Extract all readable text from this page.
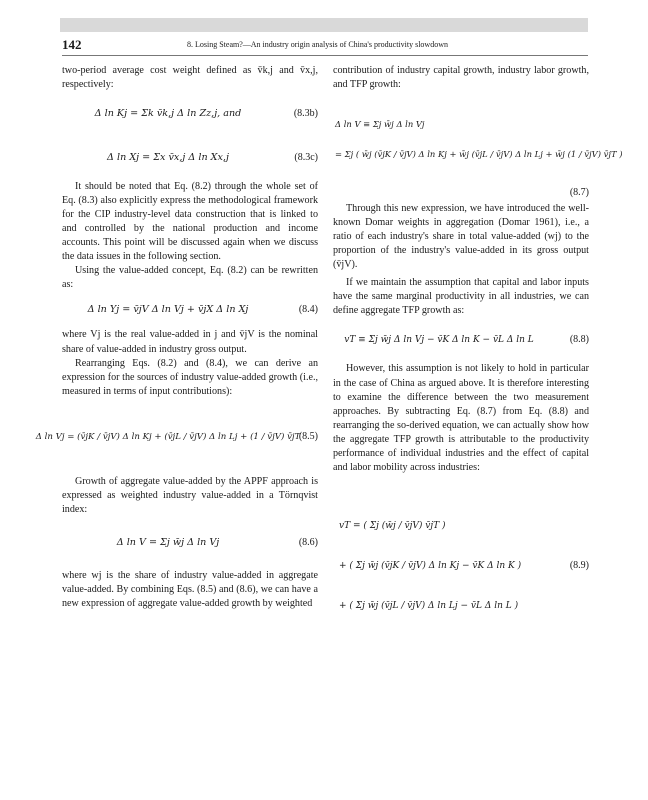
142	8. Losing Steam?—An industry origin analysis of China's productivity slowdown

two-period average cost weight defined as v̄k,j and v̄x,j, respectively:

Δ ln Kj = Σk v̄k,j Δ ln Zz,j, and	(8.3b)
Δ ln Xj = Σx v̄x,j Δ ln Xx,j	(8.3c)

It should be noted that Eq. (8.2) through the whole set of Eq. (8.3) also explicitly express the methodological framework for the CIP industry-level data construction that is linked to and controlled by the national production and income accounts. This point will be discussed again when we discuss the data issues in the following section.

Using the value-added concept, Eq. (8.2) can be rewritten as:

Δ ln Yj = v̄jV Δ ln Vj + v̄jX Δ ln Xj	(8.4)

where Vj is the real value-added in j and v̄jV is the nominal share of value-added in industry gross output.

Rearranging Eqs. (8.2) and (8.4), we can derive an expression for the sources of industry value-added growth (i.e., measured in terms of input contributions):

Δ ln Vj = (v̄jK / v̄jV) Δ ln Kj + (v̄jL / v̄jV) Δ ln Lj + (1 / v̄jV) v̄jT
(8.5)

Growth of aggregate value-added by the APPF approach is expressed as weighted industry value-added in a Törnqvist index:

Δ ln V = Σj w̄j Δ ln Vj	(8.6)

where wj is the share of industry value-added in aggregate value-added. By combining Eqs. (8.5) and (8.6), we can have a new expression of aggregate value-added growth by weighted

contribution of industry capital growth, industry labor growth, and TFP growth:

Δ ln V ≡ Σj w̄j Δ ln Vj
= Σj ( w̄j (v̄jK / v̄jV) Δ ln Kj + w̄j (v̄jL / v̄jV) Δ ln Lj + w̄j (1 / v̄jV) v̄jT )
(8.7)

Through this new expression, we have introduced the well-known Domar weights in aggregation (Domar 1961), i.e., a ratio of each industry's share in total value-added (wj) to the proportion of the industry's value-added in its gross output (v̄jV).

If we maintain the assumption that capital and labor inputs have the same marginal productivity in all industries, we can define aggregate TFP growth as:

vT ≡ Σj w̄j Δ ln Vj − v̄K Δ ln K − v̄L Δ ln L	(8.8)

However, this assumption is not likely to hold in particular in the case of China as argued above. It is therefore interesting to examine the difference between the two measurement approaches. By subtracting Eq. (8.7) from Eq. (8.8) and rearranging the so-derived equation, we can actually show how the aggregate TFP growth is attributable to the productivity performance of individual industries and the effect of capital and labor mobility across industries:

vT = ( Σj (w̄j / v̄jV) v̄jT )
+ ( Σj w̄j (v̄jK / v̄jV) Δ ln Kj − v̄K Δ ln K )
+ ( Σj w̄j (v̄jL / v̄jV) Δ ln Lj − v̄L Δ ln L )
(8.9)
